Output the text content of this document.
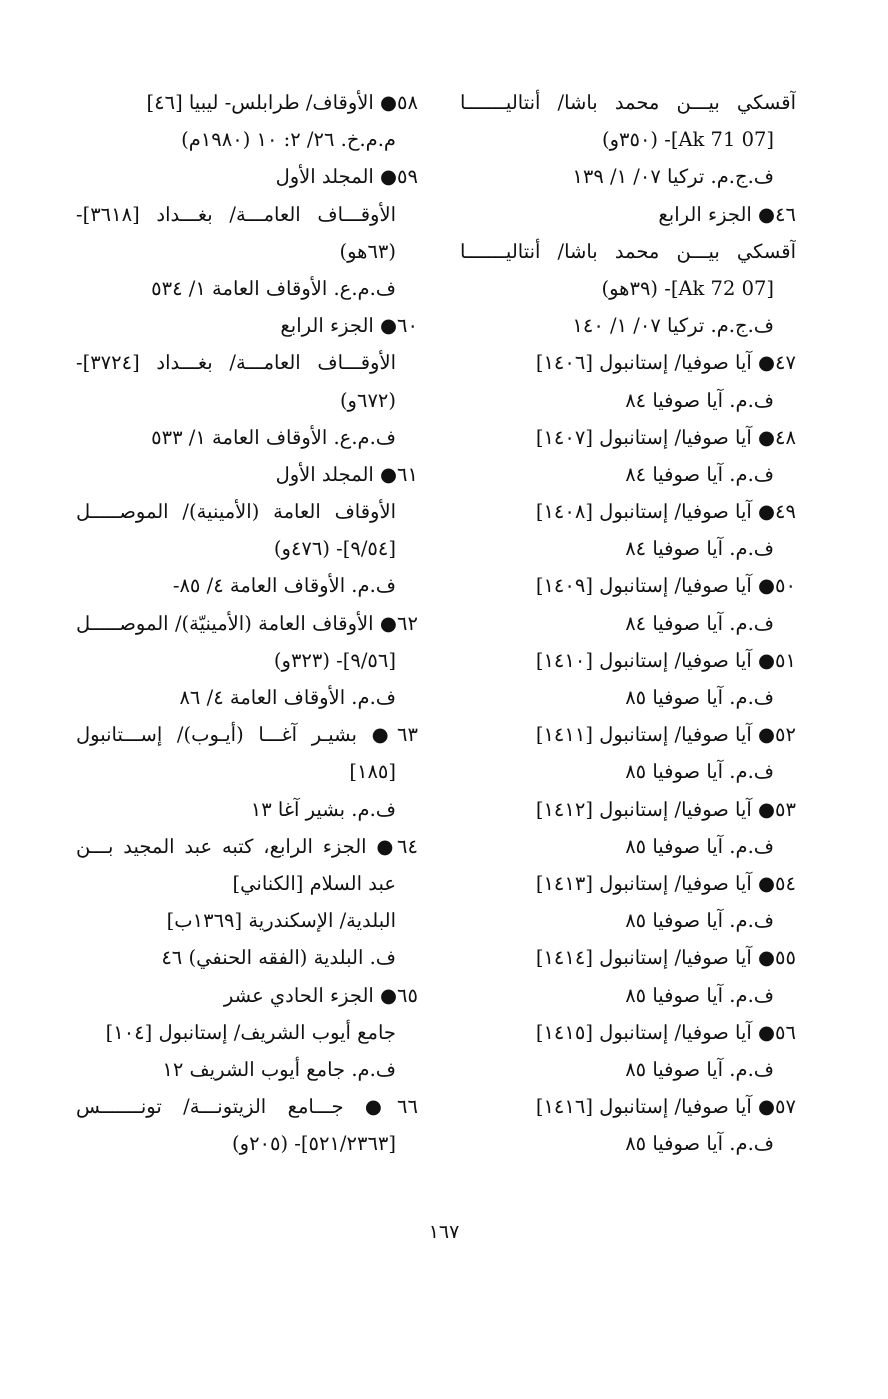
آقسكي بيـــن محمد باشا/ أنتاليـــــــا
[07 Ak 71]- (٣٥٠و)
ف.ج.م. تركيا ٠٧/ ١/ ١٣٩
٤٦● الجزء الرابع
آقسكي بيـــن محمد باشا/ أنتاليـــــــا
[07 Ak 72]- (٣٩ھو)
ف.ج.م. تركيا ٠٧/ ١/ ١٤٠
٤٧● آيا صوفيا/ إستانبول [١٤٠٦]
ف.م. آيا صوفيا ٨٤
٤٨● آيا صوفيا/ إستانبول [١٤٠٧]
ف.م. آيا صوفيا ٨٤
٤٩● آيا صوفيا/ إستانبول [١٤٠٨]
ف.م. آيا صوفيا ٨٤
٥٠● آيا صوفيا/ إستانبول [١٤٠٩]
ف.م. آيا صوفيا ٨٤
٥١● آيا صوفيا/ إستانبول [١٤١٠]
ف.م. آيا صوفيا ٨٥
٥٢● آيا صوفيا/ إستانبول [١٤١١]
ف.م. آيا صوفيا ٨٥
٥٣● آيا صوفيا/ إستانبول [١٤١٢]
ف.م. آيا صوفيا ٨٥
٥٤● آيا صوفيا/ إستانبول [١٤١٣]
ف.م. آيا صوفيا ٨٥
٥٥● آيا صوفيا/ إستانبول [١٤١٤]
ف.م. آيا صوفيا ٨٥
٥٦● آيا صوفيا/ إستانبول [١٤١٥]
ف.م. آيا صوفيا ٨٥
٥٧● آيا صوفيا/ إستانبول [١٤١٦]
ف.م. آيا صوفيا ٨٥
٥٨● الأوقاف/ طرابلس- ليبيا [٤٦]
م.م.خ. ٢٦/ ٢: ١٠ (١٩٨٠م)
٥٩● المجلد الأول
الأوقـــاف العامـــة/ بغـــداد [٣٦١٨]-
(٦٣ھو)
ف.م.ع. الأوقاف العامة ١/ ٥٣٤
٦٠● الجزء الرابع
الأوقـــاف العامـــة/ بغـــداد [٣٧٢٤]-
(٦٧٢و)
ف.م.ع. الأوقاف العامة ١/ ٥٣٣
٦١● المجلد الأول
الأوقاف العامة (الأمينية)/ الموصـــــل
[٩/٥٤]- (٤٧٦و)
ف.م. الأوقاف العامة ٤/ ٨٥-
٦٢● الأوقاف العامة (الأمينيّة)/ الموصـــــل
[٩/٥٦]- (٣٢٣و)
ف.م. الأوقاف العامة ٤/ ٨٦
٦٣● بشيـر آغـــا (أيـوب)/ إســـتانبول
[١٨٥]
ف.م. بشير آغا ١٣
٦٤● الجزء الرابع، كتبه عبد المجيد بـــن
عبد السلام [الكناني]
البلدية/ الإسكندرية [١٣٦٩ب]
ف. البلدية (الفقه الحنفي) ٤٦
٦٥● الجزء الحادي عشر
جامع أيوب الشريف/ إستانبول [١٠٤]
ف.م. جامع أيوب الشريف ١٢
٦٦● جـــامع الزيتونـــة/ تونـــــــس
[٥٢١/٢٣٦٣]- (٢٠٥و)
١٦٧
